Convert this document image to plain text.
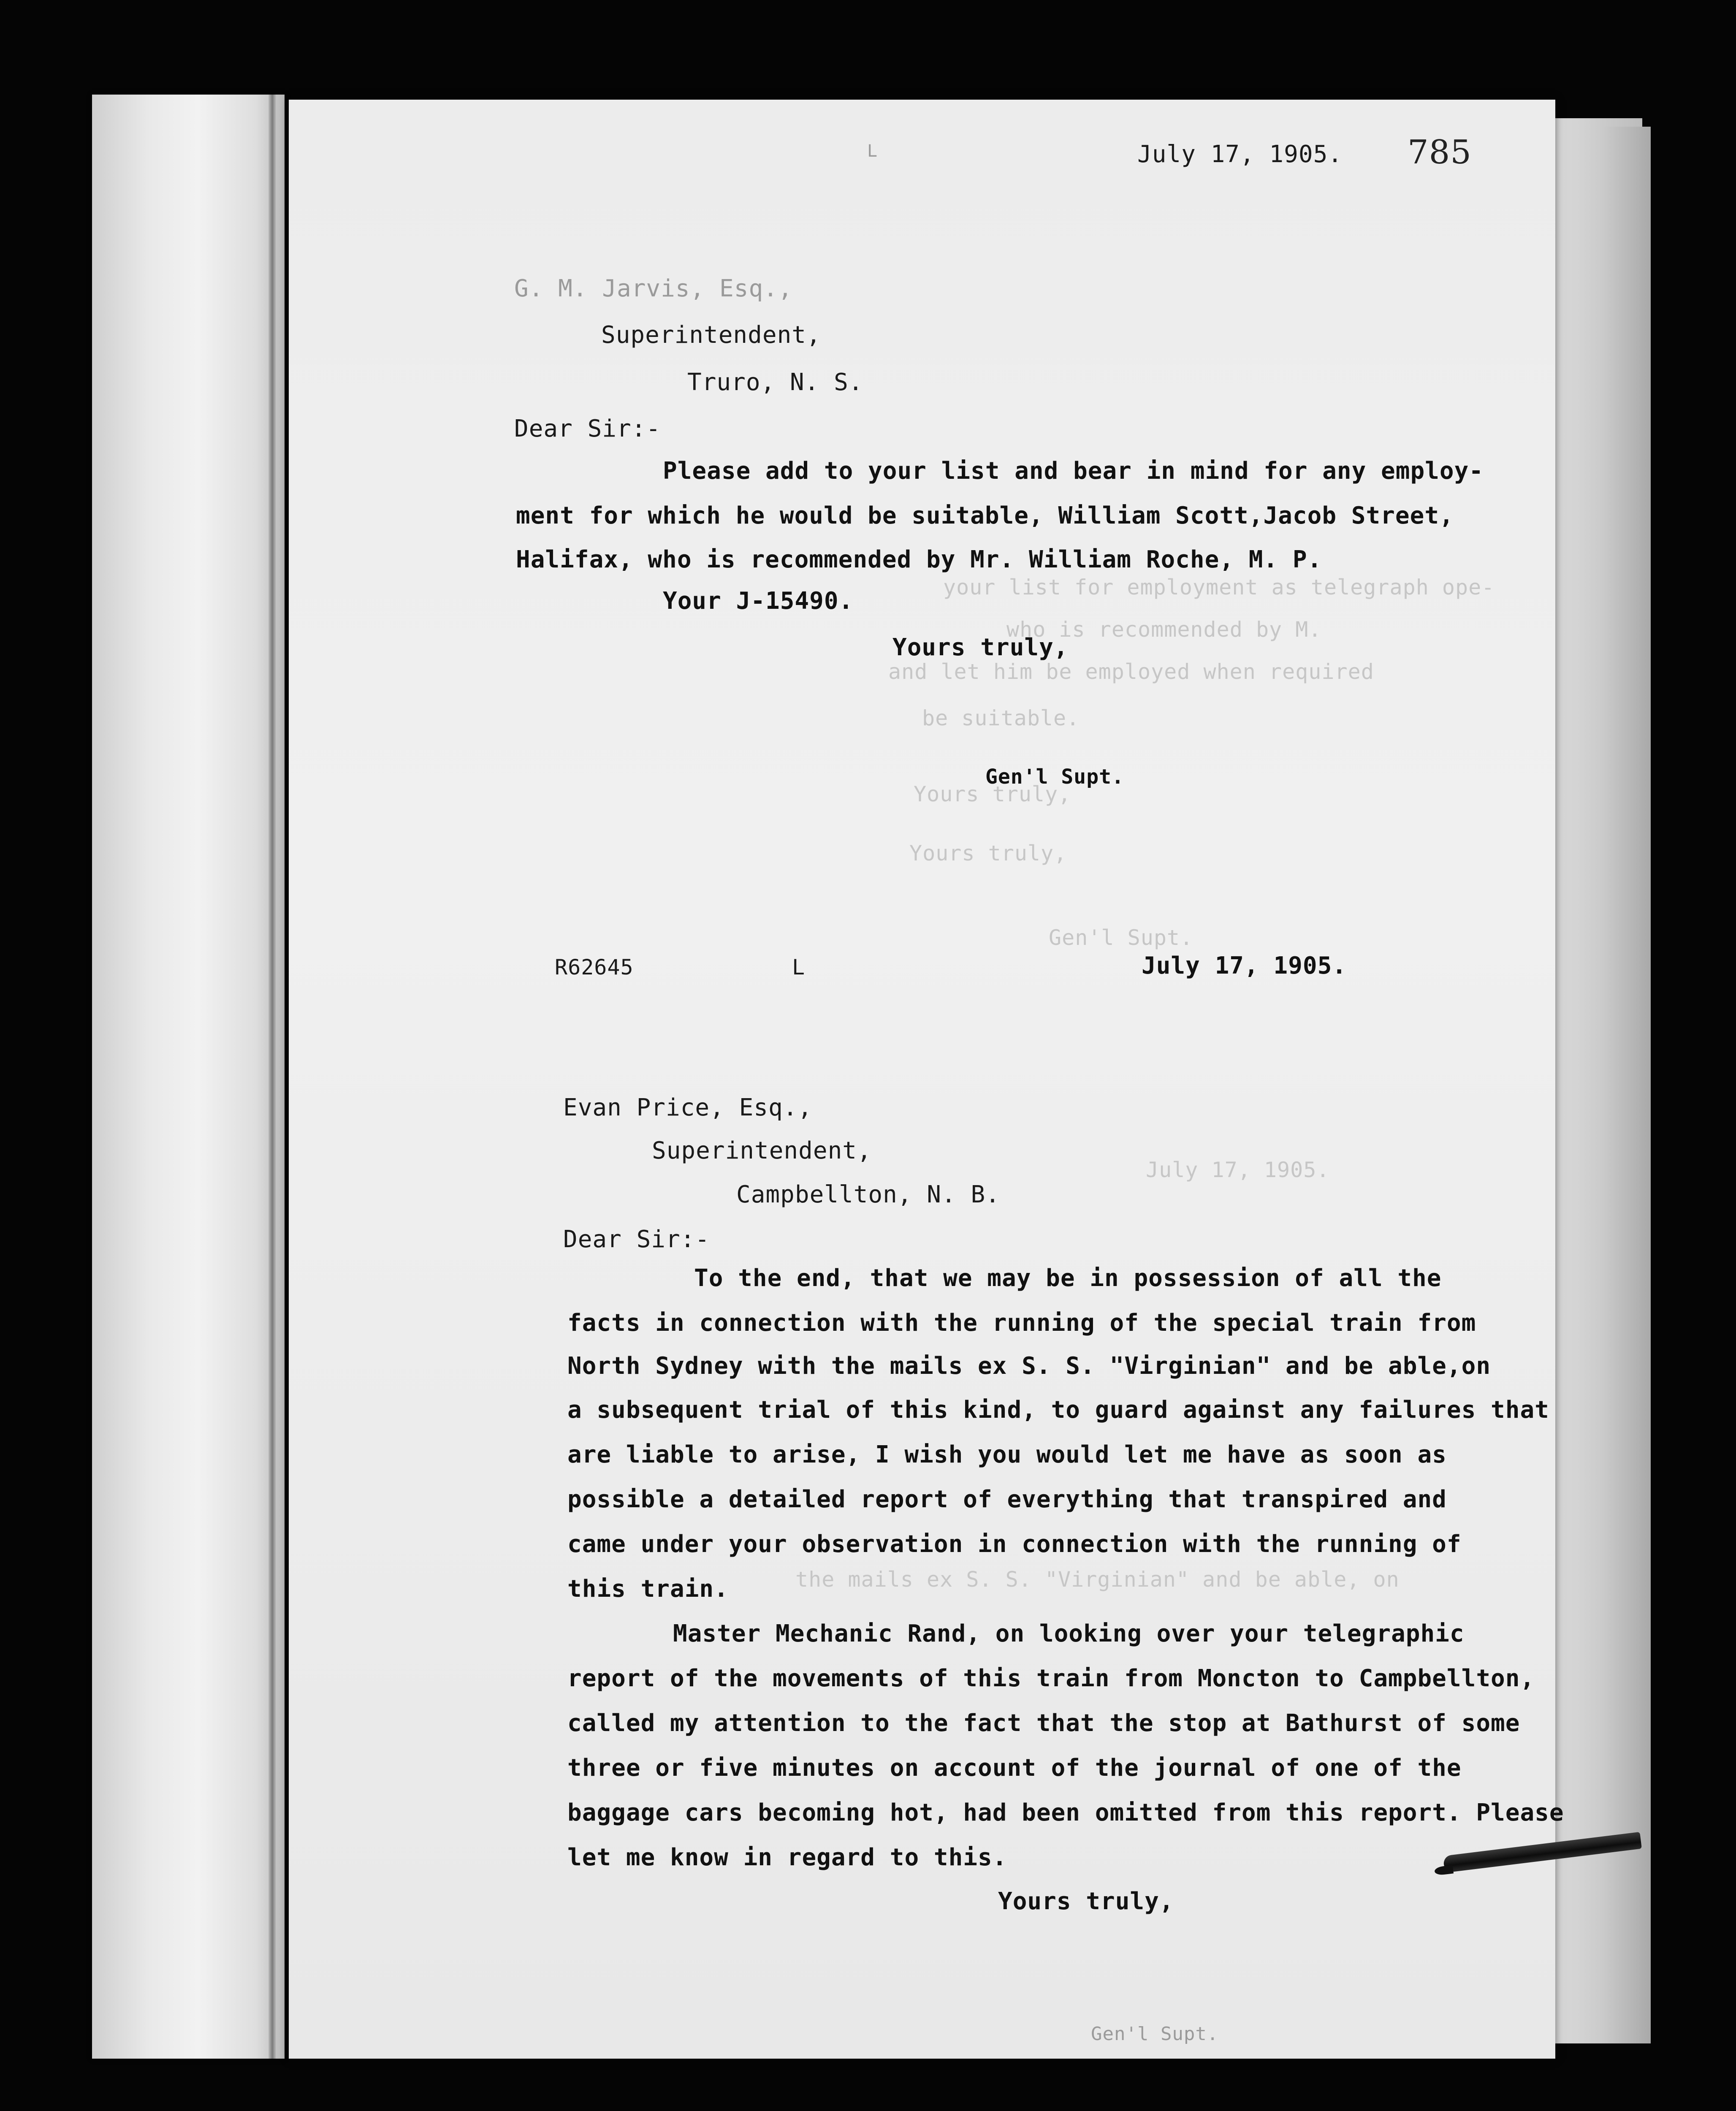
L	July 17, 1905. 785
G. M. Jarvis, Esq.,
Superintendent,
Truro, N. S.
Dear Sir:-
Please add to your list and bear in mind for any employ-
ment for which he would be suitable, William Scott,Jacob Street,
Halifax, who is recommended by Mr. William Roche, M. P.
Your J-15490.
Yours truly,
Gen'l Supt.
your list for employment as telegraph ope-
who is recommended by M.
and let him be employed when required
be suitable.
Yours truly,
Yours truly,
Gen'l Supt.
July 17, 1905.
the mails ex S. S. "Virginian" and be able, on
R62645	L	July 17, 1905.
Evan Price, Esq.,
Superintendent,
Campbellton, N. B.
Dear Sir:-
To the end, that we may be in possession of all the
facts in connection with the running of the special train from
North Sydney with the mails ex S. S. "Virginian" and be able,on
a subsequent trial of this kind, to guard against any failures that
are liable to arise, I wish you would let me have as soon as
possible a detailed report of everything that transpired and
came under your observation in connection with the running of
this train.
Master Mechanic Rand, on looking over your telegraphic
report of the movements of this train from Moncton to Campbellton,
called my attention to the fact that the stop at Bathurst of some
three or five minutes on account of the journal of one of the
baggage cars becoming hot, had been omitted from this report. Please
let me know in regard to this.
Yours truly,
Gen'l Supt.
